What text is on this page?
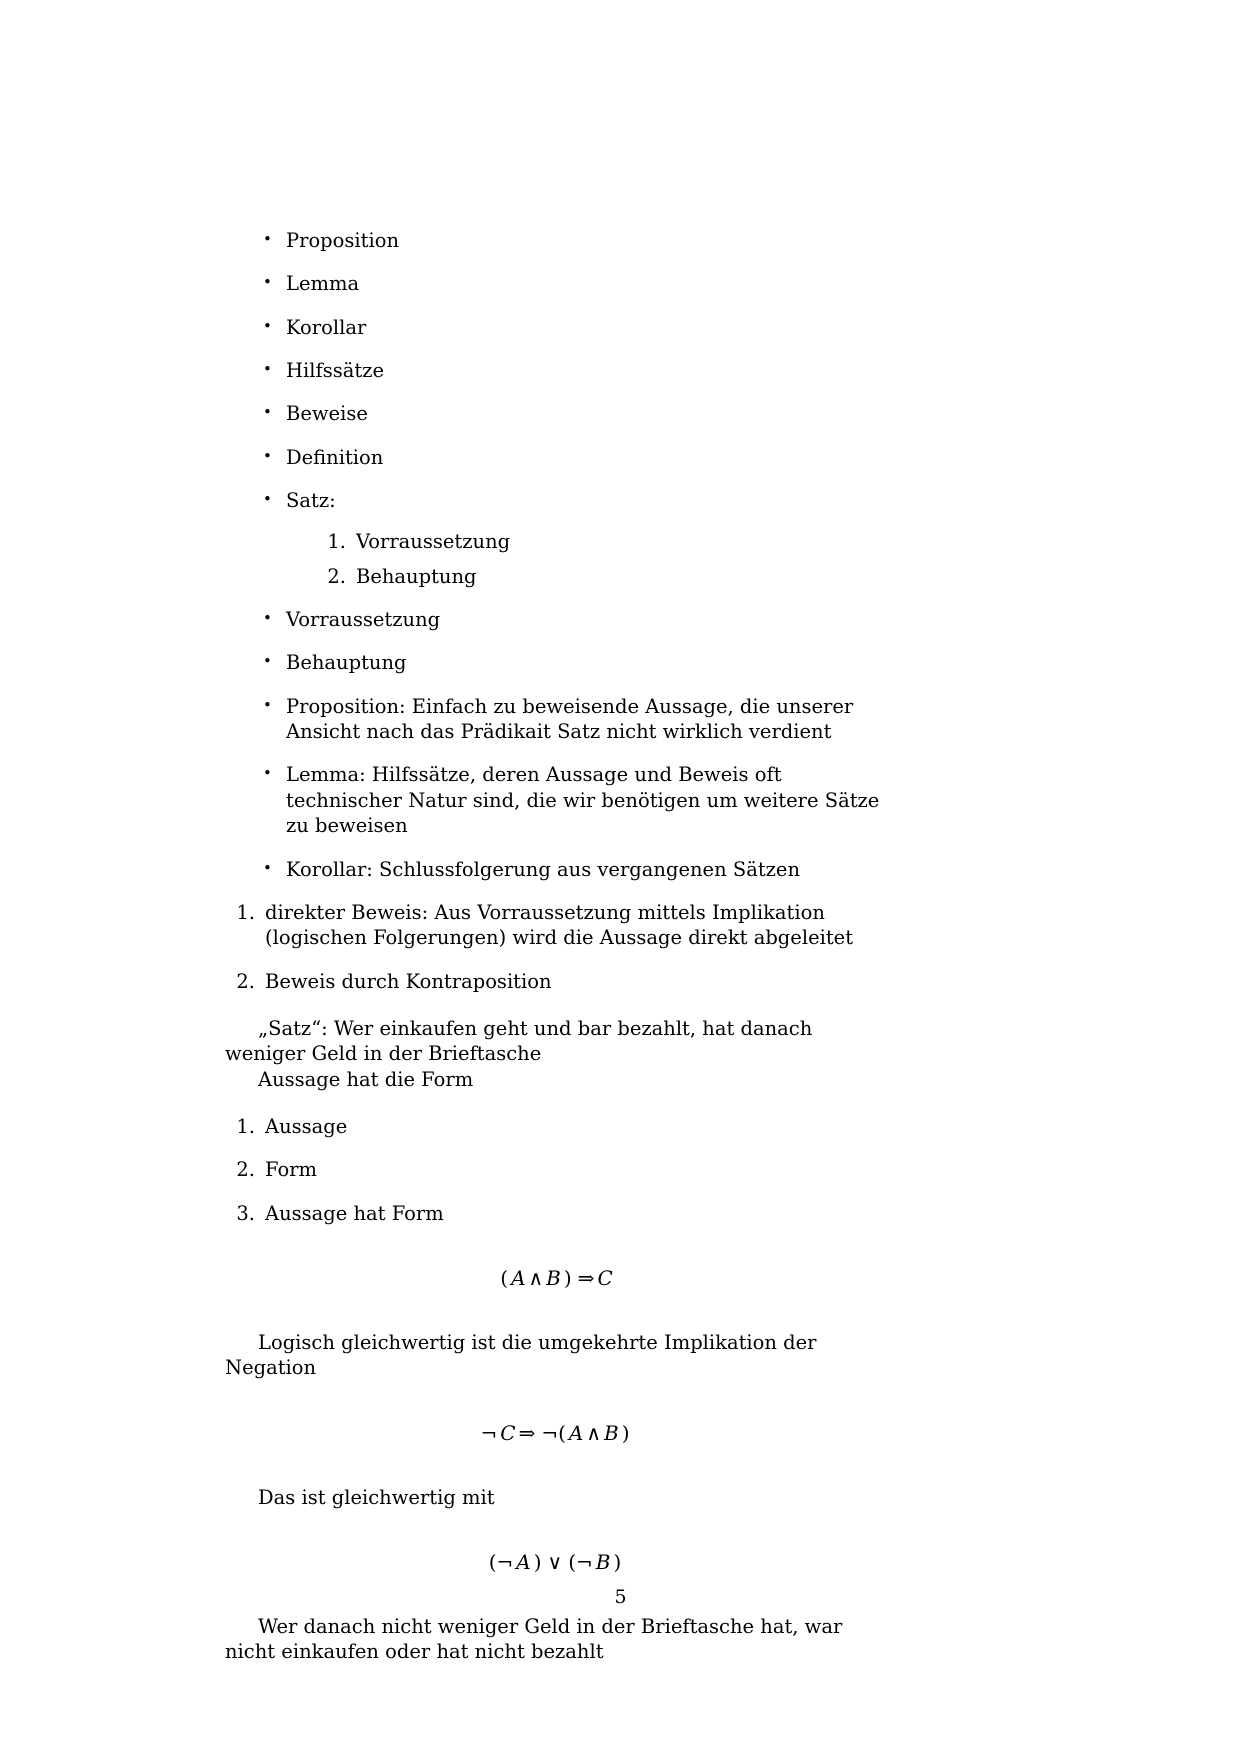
• Proposition
• Lemma
• Korollar
• Hilfssätze
• Beweise
• Definition
• Satz:
1. Vorraussetzung
2. Behauptung
• Vorraussetzung
• Behauptung
• Proposition: Einfach zu beweisende Aussage, die unserer Ansicht nach das Prädikait Satz nicht wirklich verdient
• Lemma: Hilfssätze, deren Aussage und Beweis oft technischer Natur sind, die wir benötigen um weitere Sätze zu beweisen
• Korollar: Schlussfolgerung aus vergangenen Sätzen
1. direkter Beweis: Aus Vorraussetzung mittels Implikation (logischen Folgerungen) wird die Aussage direkt abgeleitet
2. Beweis durch Kontraposition

„Satz“: Wer einkaufen geht und bar bezahlt, hat danach weniger Geld in der Brieftasche

Aussage hat die Form

1. Aussage
2. Form
3. Aussage hat Form
( A ∧ B ) ⇒ C

Logisch gleichwertig ist die umgekehrte Implikation der Negation

¬ C ⇒ ¬( A ∧ B )

Das ist gleichwertig mit

(¬ A ) ∨ (¬ B )

Wer danach nicht weniger Geld in der Brieftasche hat, war nicht einkaufen oder hat nicht bezahlt

5
